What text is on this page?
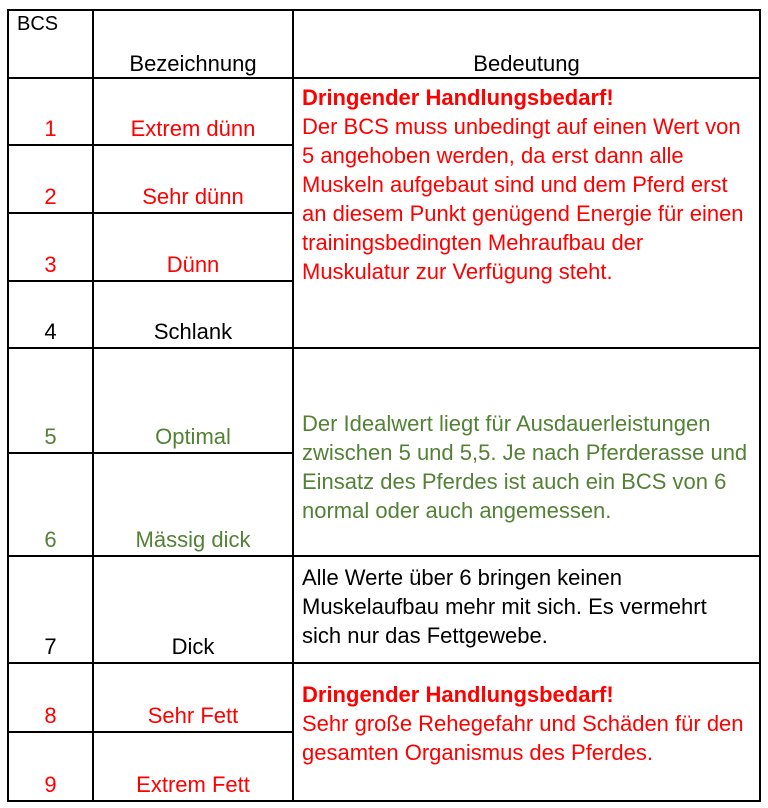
BCS	Bezeichnung	Bedeutung
1	Extrem dünn	Dringender Handlungsbedarf!
Der BCS muss unbedingt auf einen Wert von 5 angehoben werden, da erst dann alle Muskeln aufgebaut sind und dem Pferd erst an diesem Punkt genügend Energie für einen trainingsbedingten Mehraufbau der Muskulatur zur Verfügung steht.
2	Sehr dünn	
3	Dünn	
4	Schlank	
5	Optimal	Der Idealwert liegt für Ausdauerleistungen zwischen 5 und 5,5. Je nach Pferderasse und Einsatz des Pferdes ist auch ein BCS von 6 normal oder auch angemessen.
6	Mässig dick	
7	Dick	Alle Werte über 6 bringen keinen Muskelaufbau mehr mit sich. Es vermehrt sich nur das Fettgewebe.
8	Sehr Fett	Dringender Handlungsbedarf!
Sehr große Rehegefahr und Schäden für den gesamten Organismus des Pferdes.
9	Extrem Fett	
